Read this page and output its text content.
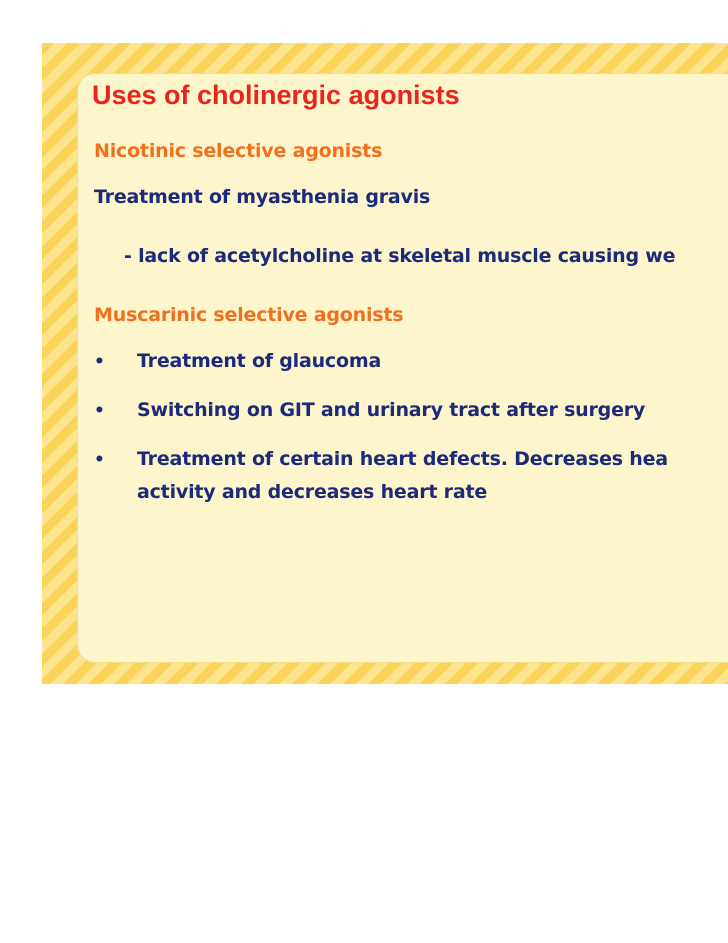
Uses of cholinergic agonists

Nicotinic selective agonists

Treatment of myasthenia gravis

- lack of acetylcholine at skeletal muscle causing we

Muscarinic selective agonists

• Treatment of glaucoma

• Switching on GIT and urinary tract after surgery

• Treatment of certain heart defects. Decreases hea

activity and decreases heart rate
